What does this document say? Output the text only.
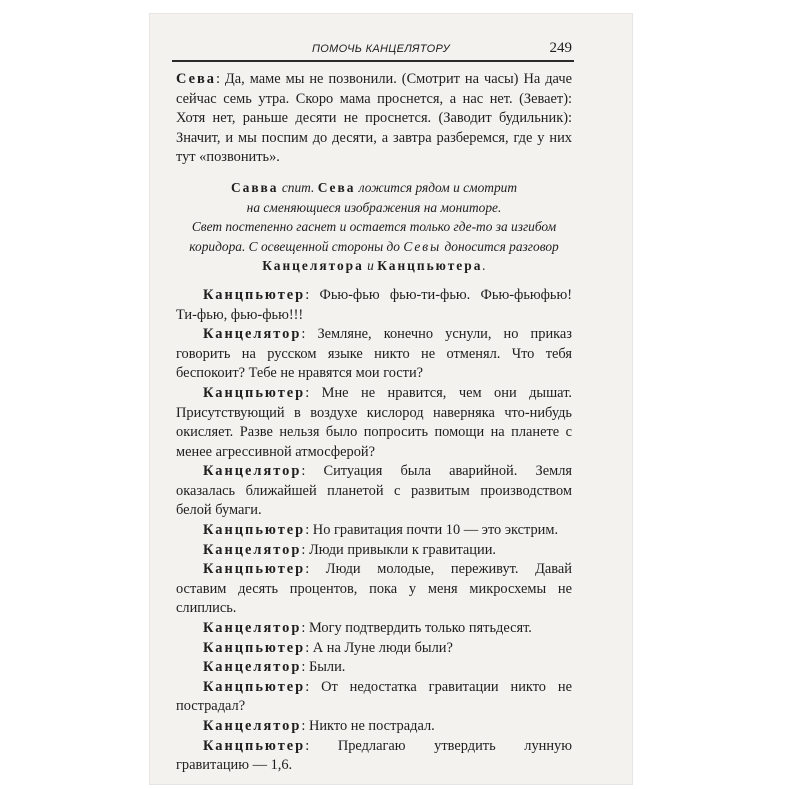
ПОМОЧЬ КАНЦЕЛЯТОРУ	249

Сева: Да, маме мы не позвонили. (Смотрит на часы) На даче сейчас семь утра. Скоро мама проснется, а нас нет. (Зевает): Хотя нет, раньше десяти не проснется. (Заводит будильник): Значит, и мы поспим до десяти, а завтра разберемся, где у них тут «позвонить».

Савва спит. Сева ложится рядом и смотрит
на сменяющиеся изображения на мониторе.
Свет постепенно гаснет и остается только где-то за изгибом
коридора. С освещенной стороны до Севы доносится разговор
Канцелятора и Канцпьютера.

Канцпьютер: Фью-фью фью-ти-фью. Фью-фьюфью! Ти-фью, фью-фью!!!

Канцелятор: Земляне, конечно уснули, но приказ говорить на русском языке никто не отменял. Что тебя беспокоит? Тебе не нравятся мои гости?

Канцпьютер: Мне не нравится, чем они дышат. Присутствующий в воздухе кислород наверняка что-нибудь окисляет. Разве нельзя было попросить помощи на планете с менее агрессивной атмосферой?

Канцелятор: Ситуация была аварийной. Земля оказалась ближайшей планетой с развитым производством белой бумаги.

Канцпьютер: Но гравитация почти 10 — это экстрим.

Канцелятор: Люди привыкли к гравитации.

Канцпьютер: Люди молодые, переживут. Давай оставим десять процентов, пока у меня микросхемы не слиплись.

Канцелятор: Могу подтвердить только пятьдесят.

Канцпьютер: А на Луне люди были?

Канцелятор: Были.

Канцпьютер: От недостатка гравитации никто не пострадал?

Канцелятор: Никто не пострадал.

Канцпьютер: Предлагаю утвердить лунную гравитацию — 1,6.
